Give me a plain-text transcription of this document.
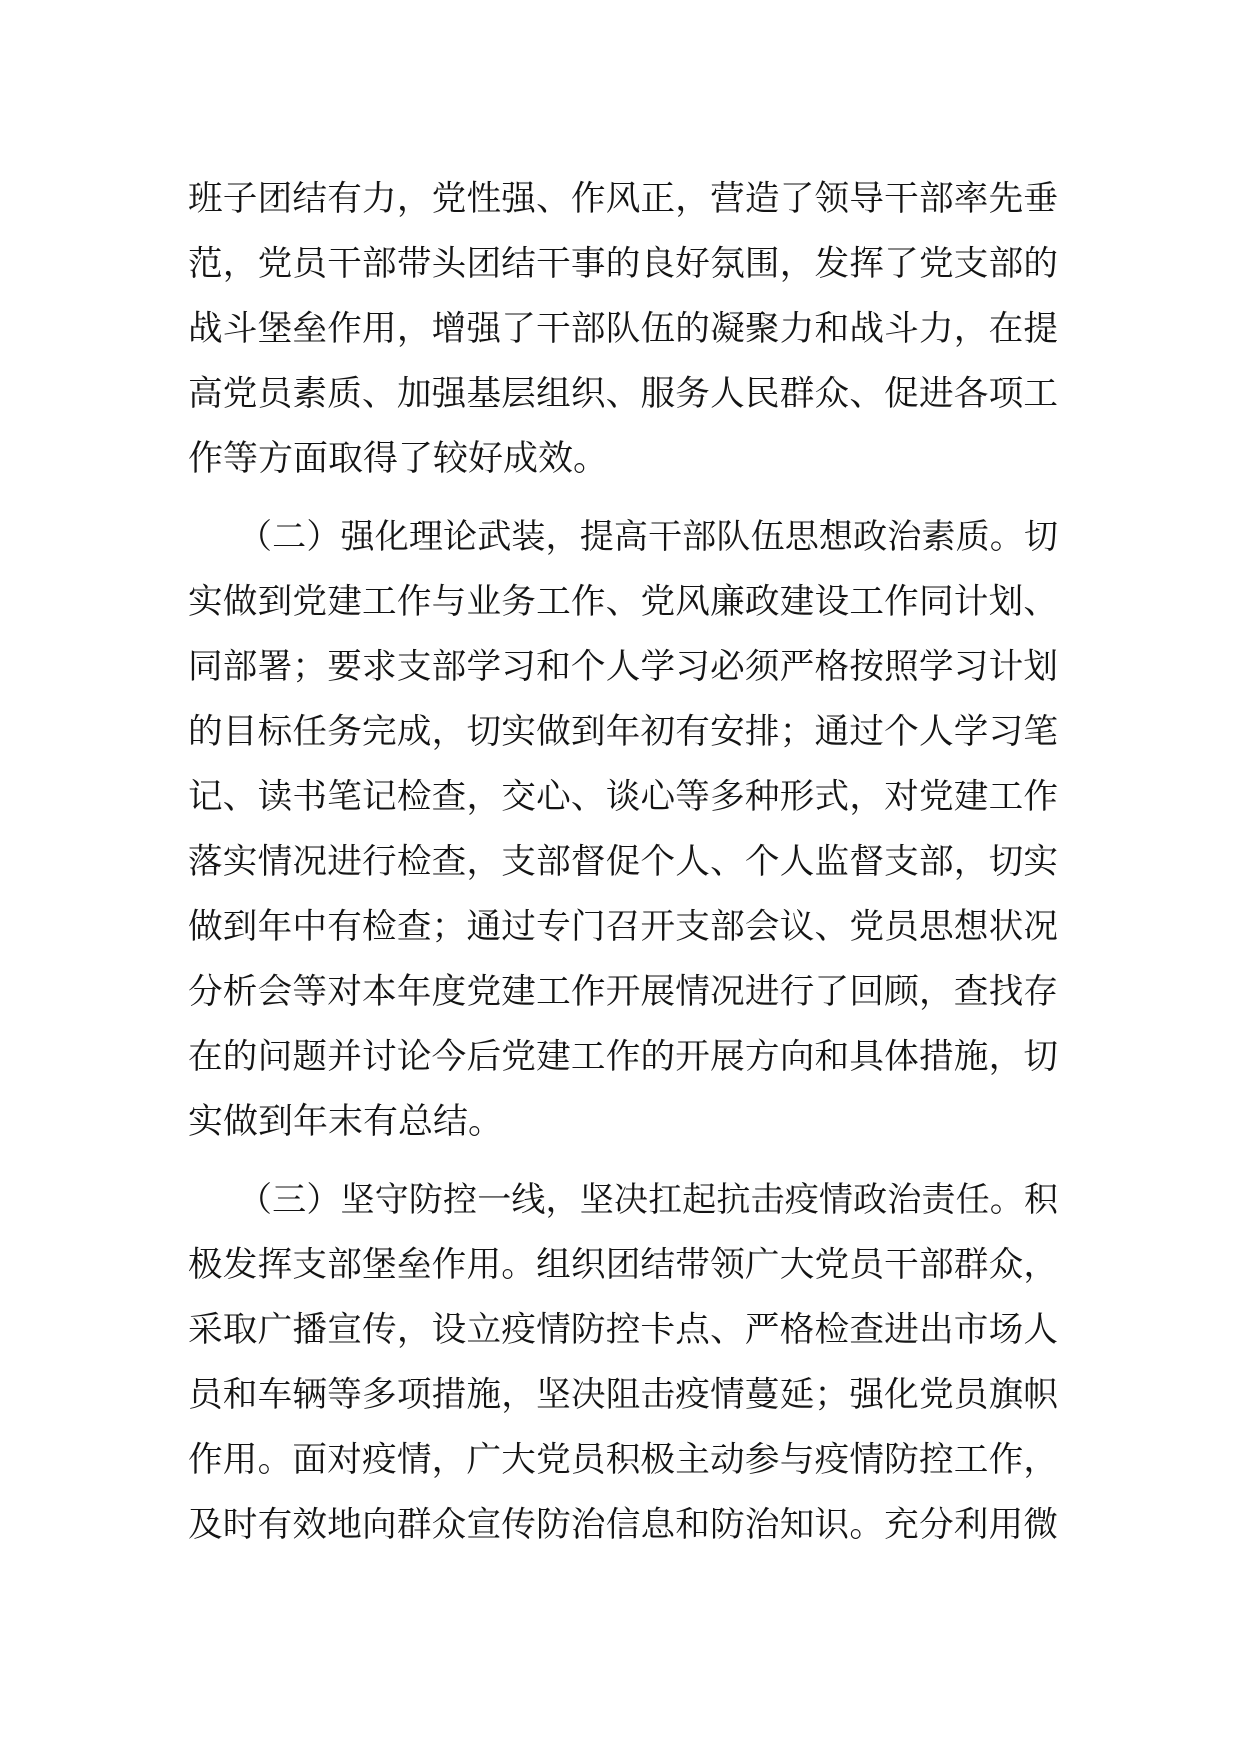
班子团结有力，党性强、作风正，营造了领导干部率先垂
范，党员干部带头团结干事的良好氛围，发挥了党支部的
战斗堡垒作用，增强了干部队伍的凝聚力和战斗力，在提
高党员素质、加强基层组织、服务人民群众、促进各项工
作等方面取得了较好成效。
（二）强化理论武装，提高干部队伍思想政治素质。切
实做到党建工作与业务工作、党风廉政建设工作同计划、
同部署；要求支部学习和个人学习必须严格按照学习计划
的目标任务完成，切实做到年初有安排；通过个人学习笔
记、读书笔记检查，交心、谈心等多种形式，对党建工作
落实情况进行检查，支部督促个人、个人监督支部，切实
做到年中有检查；通过专门召开支部会议、党员思想状况
分析会等对本年度党建工作开展情况进行了回顾，查找存
在的问题并讨论今后党建工作的开展方向和具体措施，切
实做到年末有总结。
（三）坚守防控一线，坚决扛起抗击疫情政治责任。积
极发挥支部堡垒作用。组织团结带领广大党员干部群众，
采取广播宣传，设立疫情防控卡点、严格检查进出市场人
员和车辆等多项措施，坚决阻击疫情蔓延；强化党员旗帜
作用。面对疫情，广大党员积极主动参与疫情防控工作，
及时有效地向群众宣传防治信息和防治知识。充分利用微
